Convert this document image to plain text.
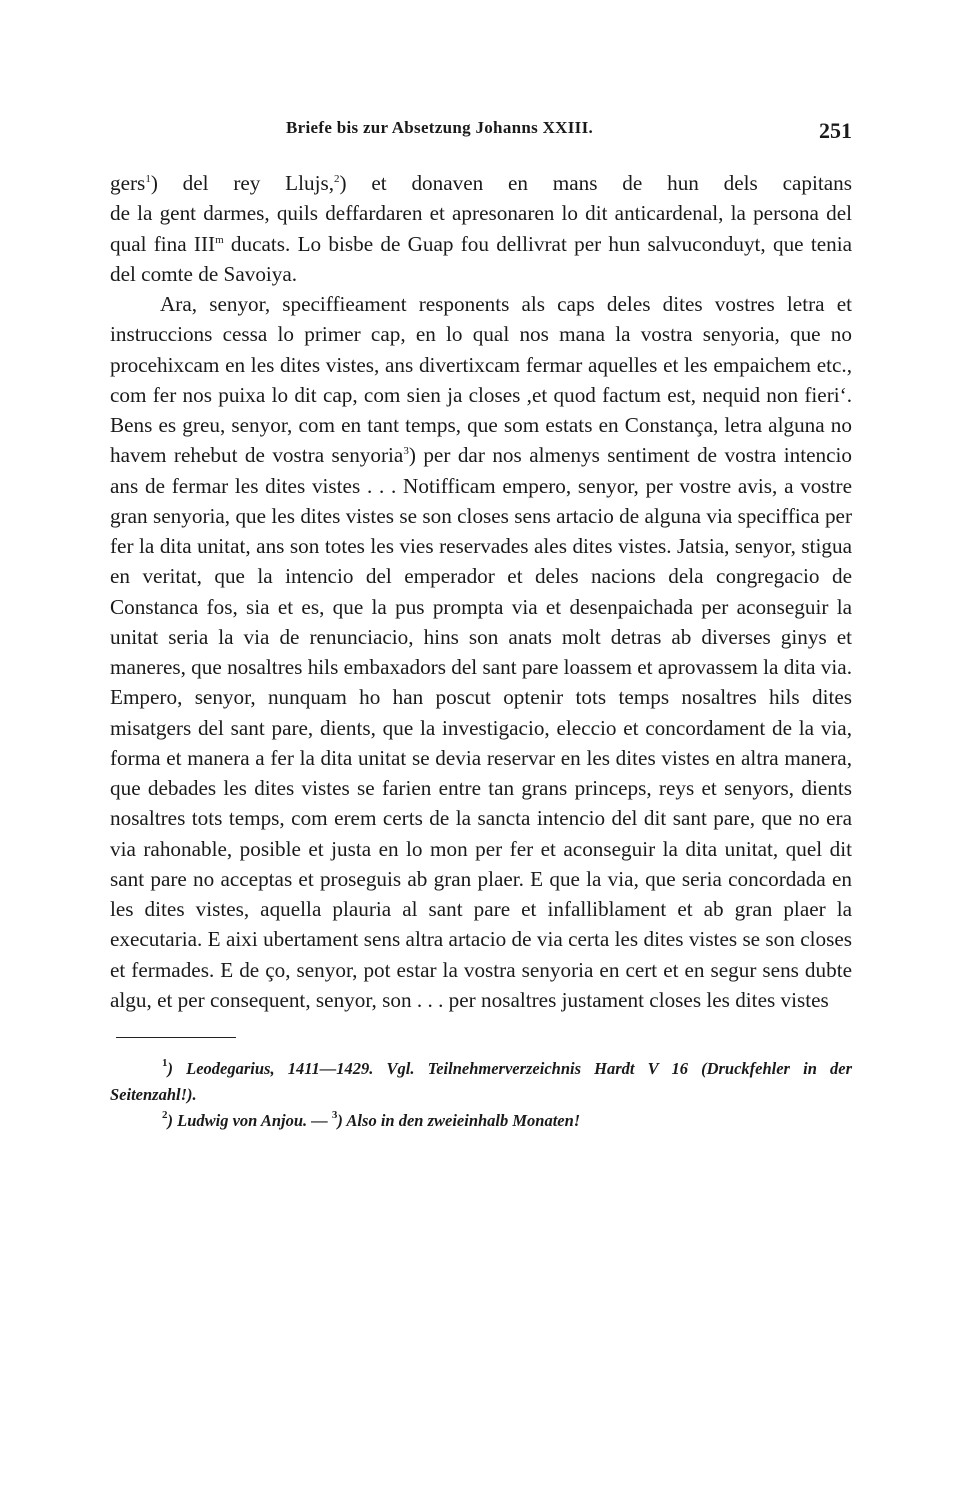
Briefe bis zur Absetzung Johanns XXIII.	251

gers$^1$) del rey Llujs,$^2$) et donaven en mans de hun dels capitans

de la gent darmes, quils deffardaren et apresonaren lo dit anticardenal, la persona del qual fina III$^m$ ducats. Lo bisbe de Guap fou dellivrat per hun salvuconduyt, que tenia del comte de Savoiya.

Ara, senyor, speciffieament responents als caps deles dites vostres letra et instruccions cessa lo primer cap, en lo qual nos mana la vostra senyoria, que no procehixcam en les dites vistes, ans divertixcam fermar aquelles et les empaichem etc., com fer nos puixa lo dit cap, com sien ja closes ,et quod factum est, nequid non fieri‘. Bens es greu, senyor, com en tant temps, que som estats en Constança, letra alguna no havem rehebut de vostra senyoria$^3$) per dar nos almenys sentiment de vostra intencio ans de fermar les dites vistes . . . Notifficam empero, senyor, per vostre avis, a vostre gran senyoria, que les dites vistes se son closes sens artacio de alguna via speciffica per fer la dita unitat, ans son totes les vies reservades ales dites vistes. Jatsia, senyor, stigua en veritat, que la intencio del emperador et deles nacions dela congregacio de Constanca fos, sia et es, que la pus prompta via et desenpaichada per aconseguir la unitat seria la via de renunciacio, hins son anats molt detras ab diverses ginys et maneres, que nosaltres hils embaxadors del sant pare loassem et aprovassem la dita via. Empero, senyor, nunquam ho han poscut optenir tots temps nosaltres hils dites misatgers del sant pare, dients, que la investigacio, eleccio et concordament de la via, forma et manera a fer la dita unitat se devia reservar en les dites vistes en altra manera, que debades les dites vistes se farien entre tan grans princeps, reys et senyors, dients nosaltres tots temps, com erem certs de la sancta intencio del dit sant pare, que no era via rahonable, posible et justa en lo mon per fer et aconseguir la dita unitat, quel dit sant pare no acceptas et proseguis ab gran plaer. E que la via, que seria concordada en les dites vistes, aquella plauria al sant pare et infalliblament et ab gran plaer la executaria. E aixi ubertament sens altra artacio de via certa les dites vistes se son closes et fermades. E de ço, senyor, pot estar la vostra senyoria en cert et en segur sens dubte algu, et per consequent, senyor, son . . . per nosaltres justament closes les dites vistes

$^1$) Leodegarius, 1411—1429. Vgl. Teilnehmerverzeichnis Hardt V 16 (Druckfehler in der Seitenzahl!).

$^2$) Ludwig von Anjou. — $^3$) Also in den zweieinhalb Monaten!
